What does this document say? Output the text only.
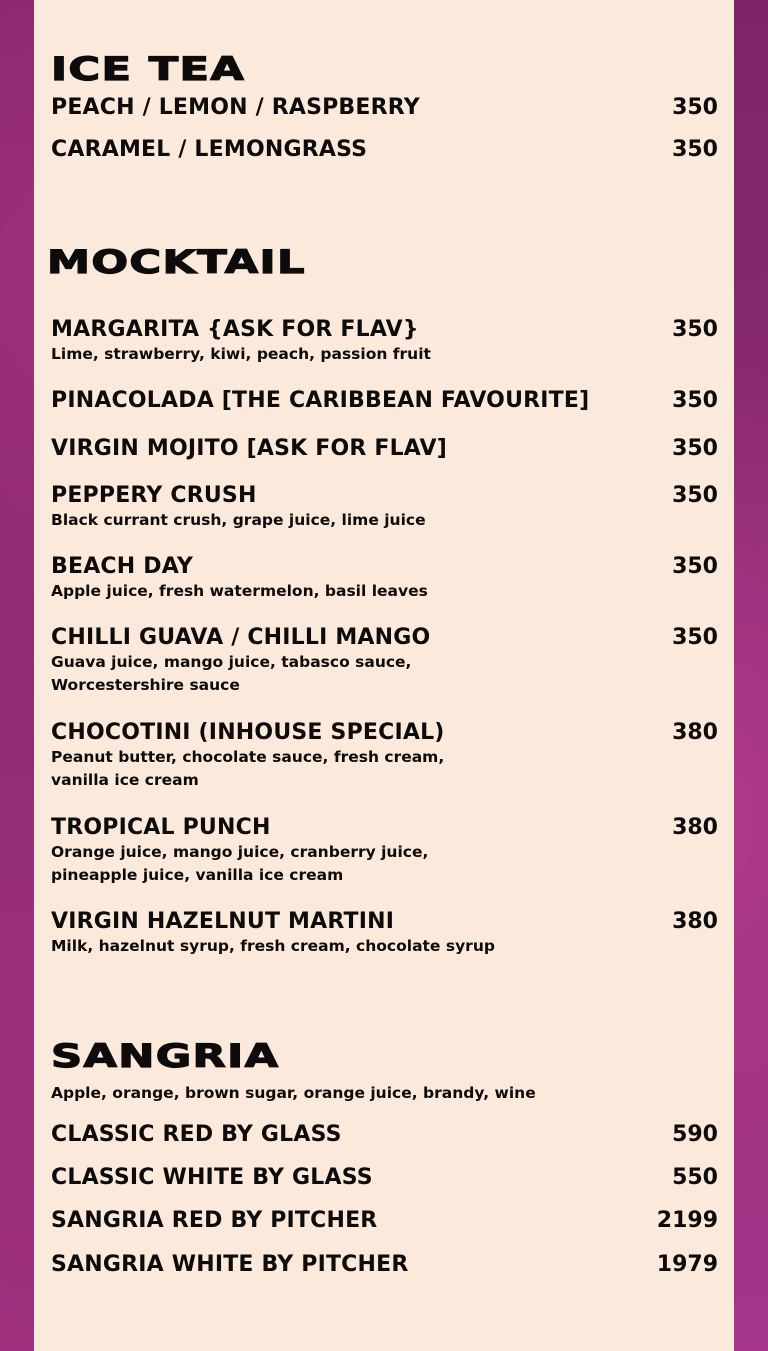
ICE TEA
PEACH / LEMON / RASPBERRY	350
CARAMEL / LEMONGRASS	350
MOCKTAIL
MARGARITA {ASK FOR FLAV}	350
Lime, strawberry, kiwi, peach, passion fruit
PINACOLADA [THE CARIBBEAN FAVOURITE]	350
VIRGIN MOJITO [ASK FOR FLAV]	350
PEPPERY CRUSH	350
Black currant crush, grape juice, lime juice
BEACH DAY	350
Apple juice, fresh watermelon, basil leaves
CHILLI GUAVA / CHILLI MANGO	350
Guava juice, mango juice, tabasco sauce,
Worcestershire sauce
CHOCOTINI (INHOUSE SPECIAL)	380
Peanut butter, chocolate sauce, fresh cream,
vanilla ice cream
TROPICAL PUNCH	380
Orange juice, mango juice, cranberry juice,
pineapple juice, vanilla ice cream
VIRGIN HAZELNUT MARTINI	380
Milk, hazelnut syrup, fresh cream, chocolate syrup
SANGRIA
Apple, orange, brown sugar, orange juice, brandy, wine
CLASSIC RED BY GLASS	590
CLASSIC WHITE BY GLASS	550
SANGRIA RED BY PITCHER	2199
SANGRIA WHITE BY PITCHER	1979
